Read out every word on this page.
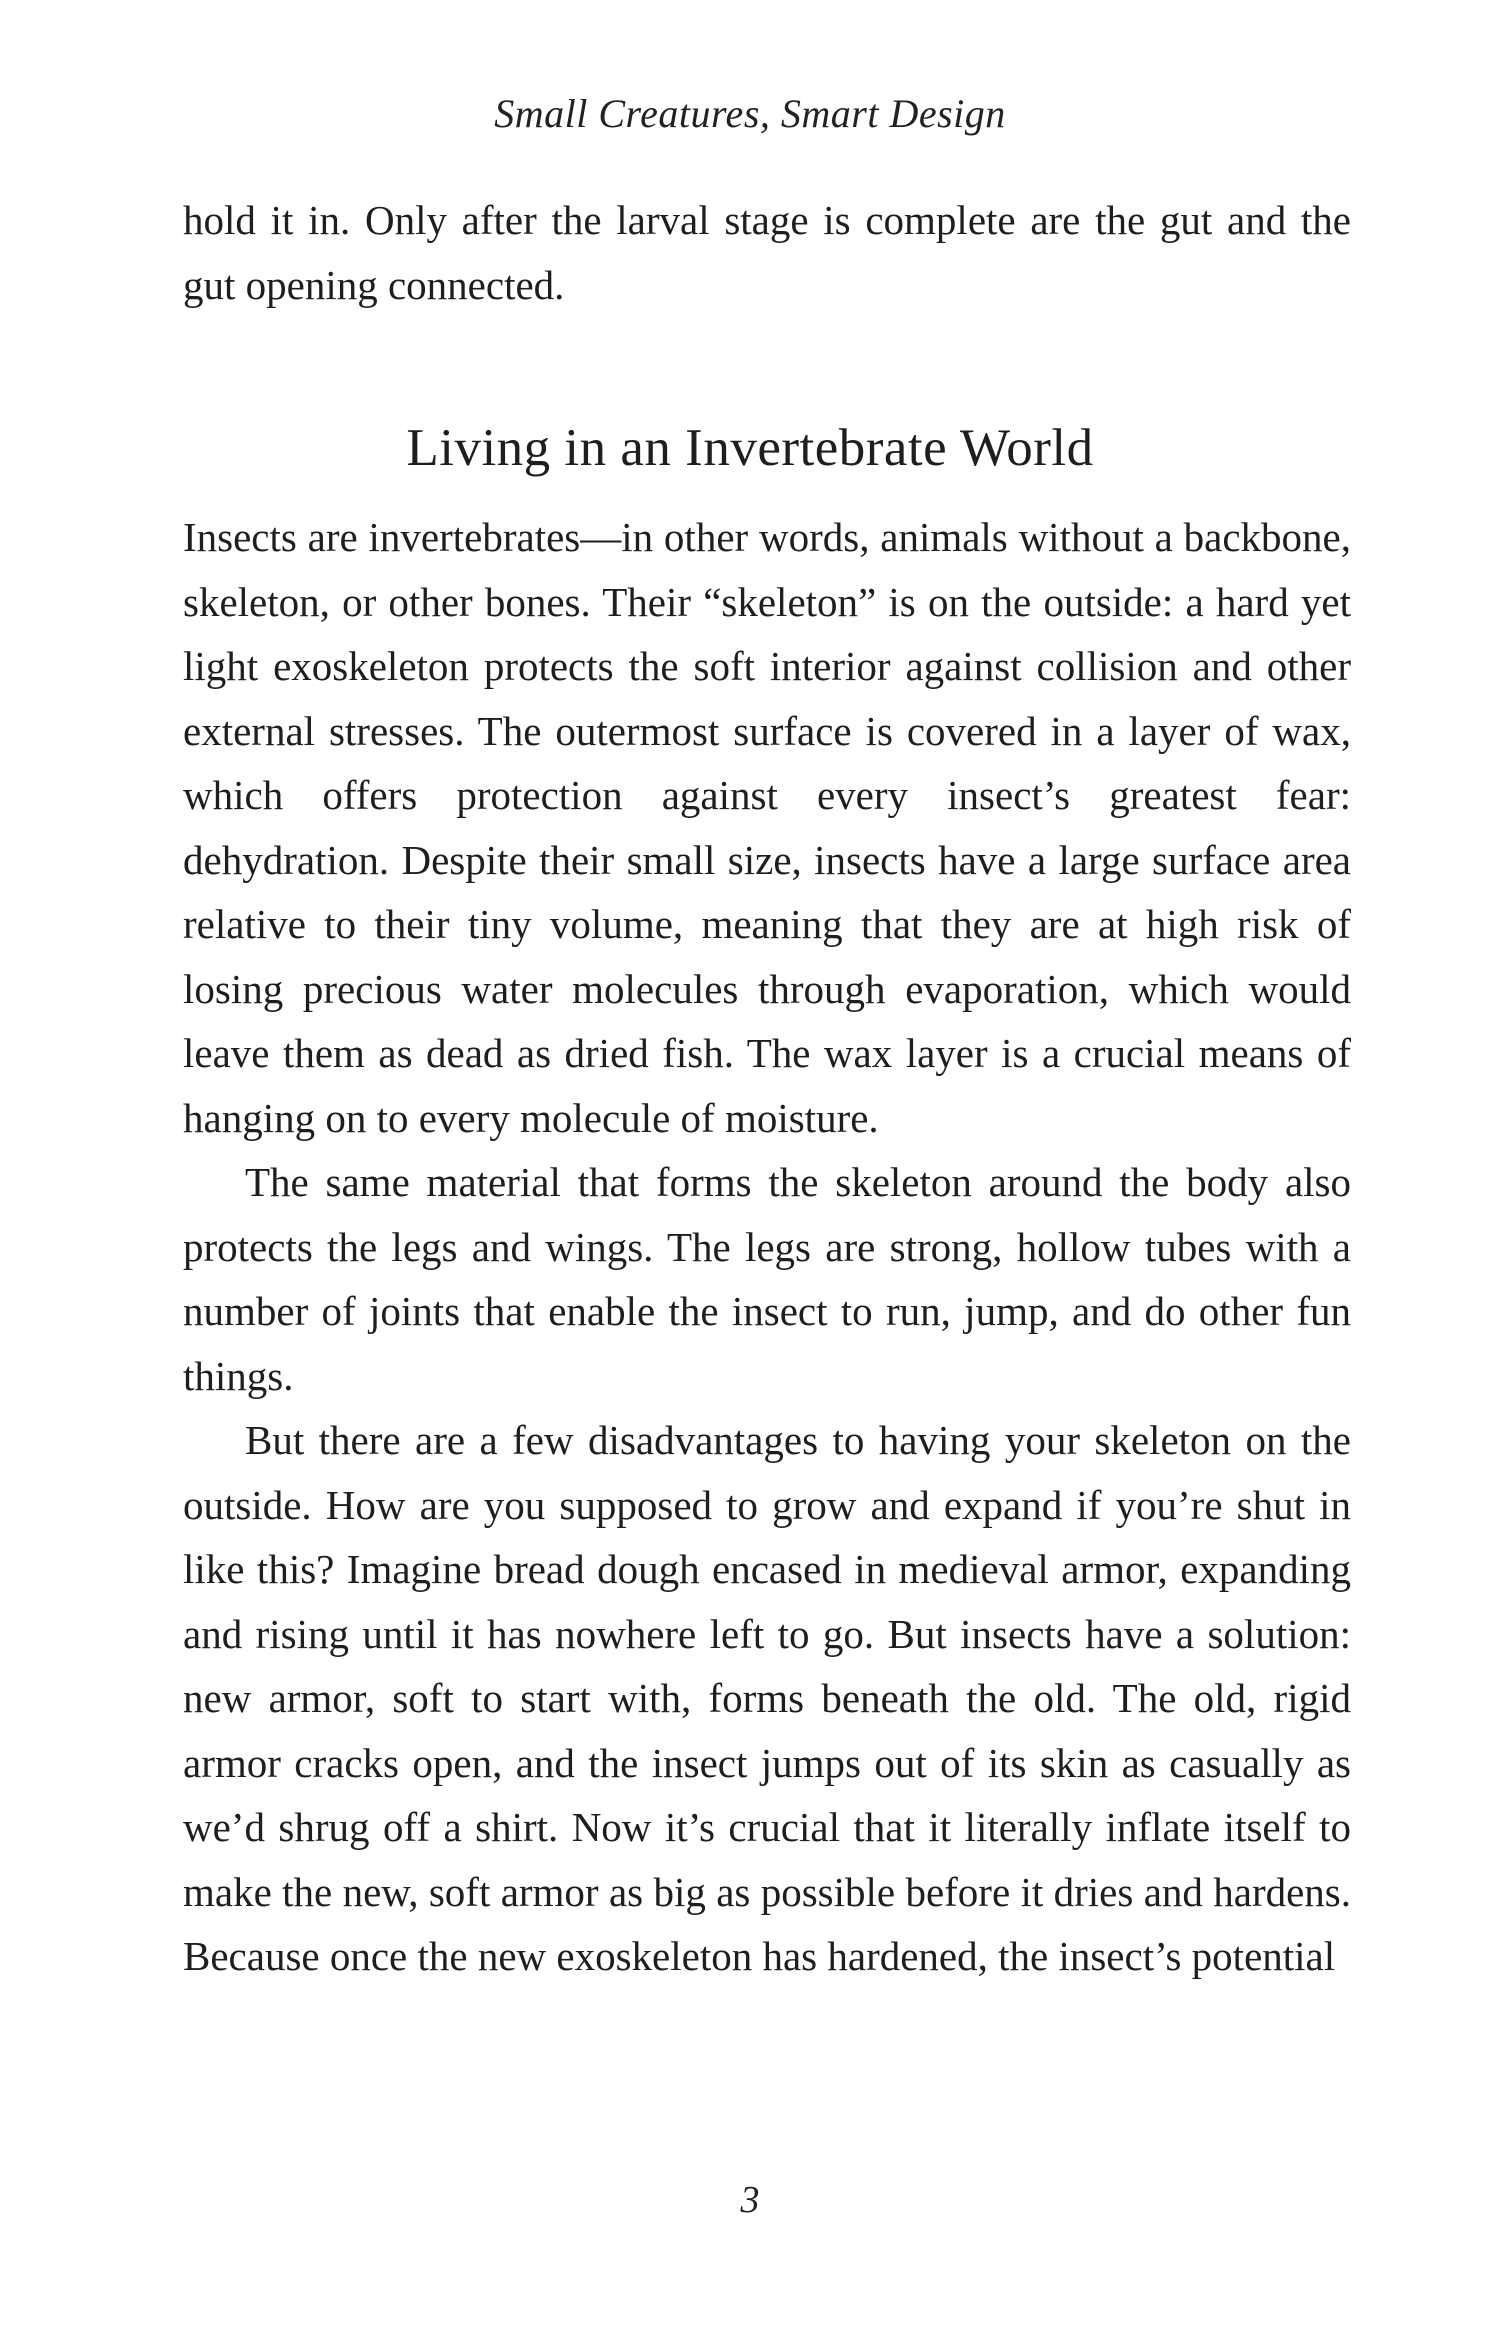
Small Creatures, Smart Design

hold it in. Only after the larval stage is complete are the gut and the gut opening connected.

Living in an Invertebrate World

Insects are invertebrates—in other words, animals without a backbone, skeleton, or other bones. Their “skeleton” is on the outside: a hard yet light exoskeleton protects the soft interior against collision and other external stresses. The outermost surface is covered in a layer of wax, which offers protection against every insect’s greatest fear: dehydration. Despite their small size, insects have a large surface area relative to their tiny volume, meaning that they are at high risk of losing precious water molecules through evaporation, which would leave them as dead as dried fish. The wax layer is a crucial means of hanging on to every molecule of moisture.

The same material that forms the skeleton around the body also protects the legs and wings. The legs are strong, hollow tubes with a number of joints that enable the insect to run, jump, and do other fun things.

But there are a few disadvantages to having your skeleton on the outside. How are you supposed to grow and expand if you’re shut in like this? Imagine bread dough encased in medieval armor, expanding and rising until it has nowhere left to go. But insects have a solution: new armor, soft to start with, forms beneath the old. The old, rigid armor cracks open, and the insect jumps out of its skin as casually as we’d shrug off a shirt. Now it’s crucial that it literally inflate itself to make the new, soft armor as big as possible before it dries and hardens. Because once the new exoskeleton has hardened, the insect’s potential

3
